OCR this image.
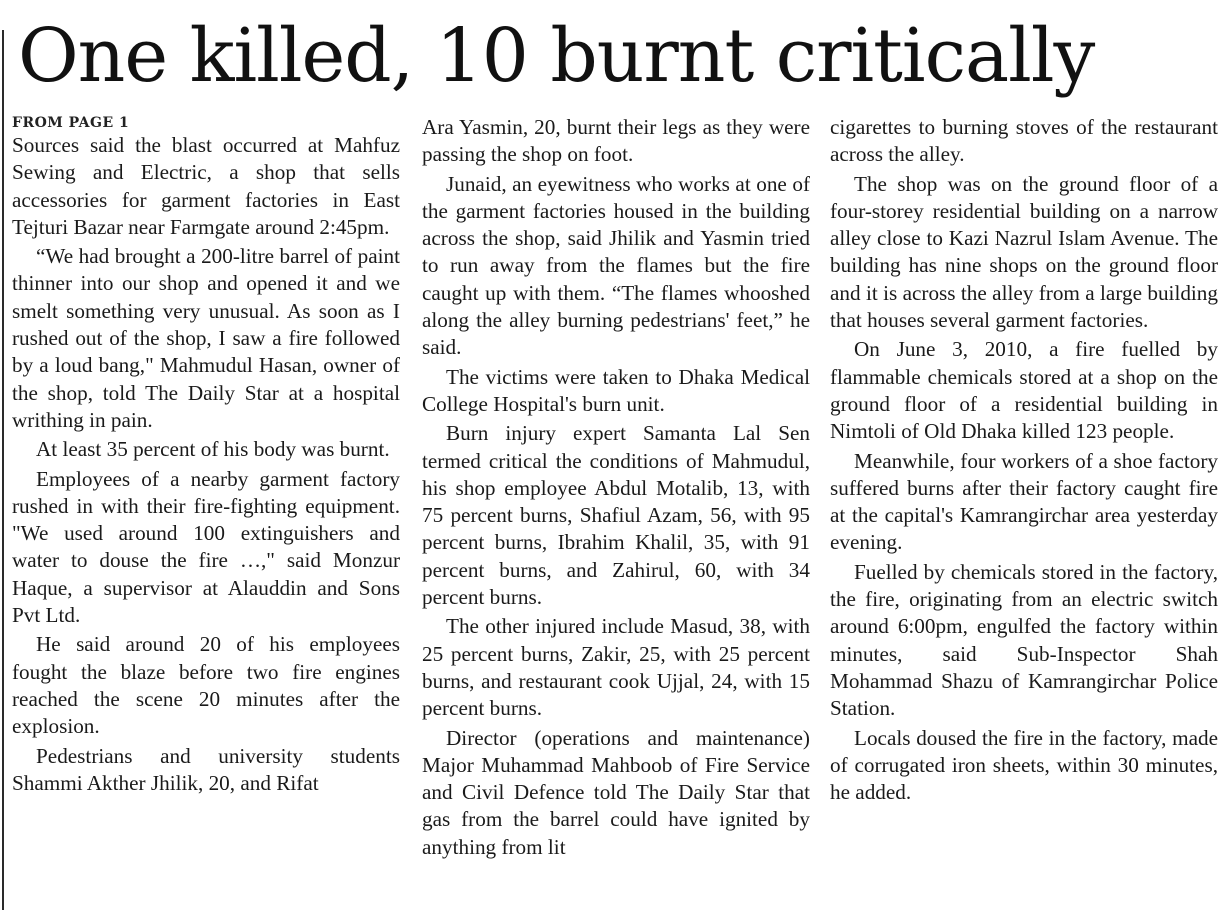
One killed, 10 burnt critically

FROM PAGE 1

Sources said the blast occurred at Mahfuz Sewing and Electric, a shop that sells accessories for garment factories in East Tejturi Bazar near Farmgate around 2:45pm.

“We had brought a 200-litre barrel of paint thinner into our shop and opened it and we smelt something very unusual. As soon as I rushed out of the shop, I saw a fire followed by a loud bang," Mahmudul Hasan, owner of the shop, told The Daily Star at a hospital writhing in pain.

At least 35 percent of his body was burnt.

Employees of a nearby garment factory rushed in with their fire-fighting equipment. "We used around 100 extinguishers and water to douse the fire …," said Monzur Haque, a supervisor at Alauddin and Sons Pvt Ltd.

He said around 20 of his employees fought the blaze before two fire engines reached the scene 20 minutes after the explosion.

Pedestrians and university students Shammi Akther Jhilik, 20, and Rifat

Ara Yasmin, 20, burnt their legs as they were passing the shop on foot.

Junaid, an eyewitness who works at one of the garment factories housed in the building across the shop, said Jhilik and Yasmin tried to run away from the flames but the fire caught up with them. “The flames whooshed along the alley burning pedestrians' feet,” he said.

The victims were taken to Dhaka Medical College Hospital's burn unit.

Burn injury expert Samanta Lal Sen termed critical the conditions of Mahmudul, his shop employee Abdul Motalib, 13, with 75 percent burns, Shafiul Azam, 56, with 95 percent burns, Ibrahim Khalil, 35, with 91 percent burns, and Zahirul, 60, with 34 percent burns.

The other injured include Masud, 38, with 25 percent burns, Zakir, 25, with 25 percent burns, and restaurant cook Ujjal, 24, with 15 percent burns.

Director (operations and maintenance) Major Muhammad Mahboob of Fire Service and Civil Defence told The Daily Star that gas from the barrel could have ignited by anything from lit

cigarettes to burning stoves of the restaurant across the alley.

The shop was on the ground floor of a four-storey residential building on a narrow alley close to Kazi Nazrul Islam Avenue. The building has nine shops on the ground floor and it is across the alley from a large building that houses several garment factories.

On June 3, 2010, a fire fuelled by flammable chemicals stored at a shop on the ground floor of a residential building in Nimtoli of Old Dhaka killed 123 people.

Meanwhile, four workers of a shoe factory suffered burns after their factory caught fire at the capital's Kamrangirchar area yesterday evening.

Fuelled by chemicals stored in the factory, the fire, originating from an electric switch around 6:00pm, engulfed the factory within minutes, said Sub-Inspector Shah Mohammad Shazu of Kamrangirchar Police Station.

Locals doused the fire in the factory, made of corrugated iron sheets, within 30 minutes, he added.
